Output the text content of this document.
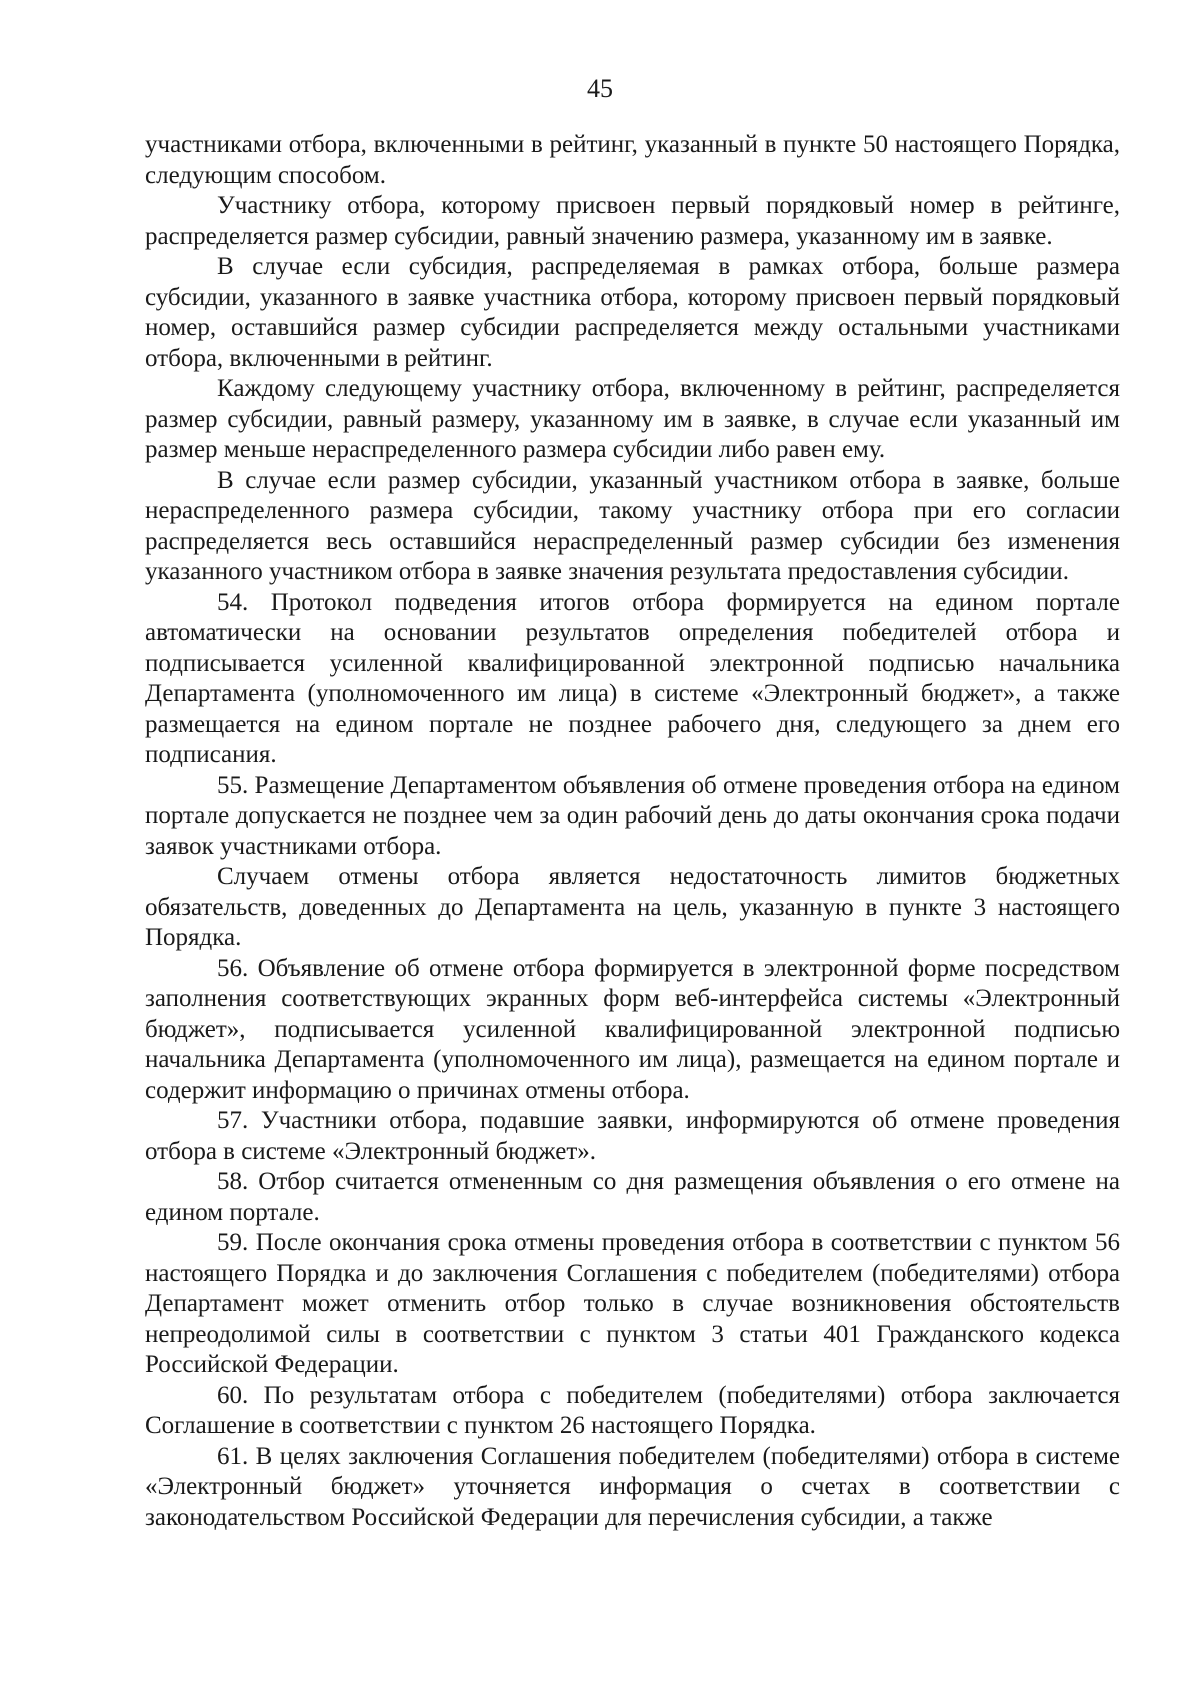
45

участниками отбора, включенными в рейтинг, указанный в пункте 50 настоящего Порядка, следующим способом.

Участнику отбора, которому присвоен первый порядковый номер в рейтинге, распределяется размер субсидии, равный значению размера, указанному им в заявке.

В случае если субсидия, распределяемая в рамках отбора, больше размера субсидии, указанного в заявке участника отбора, которому присвоен первый порядковый номер, оставшийся размер субсидии распределяется между остальными участниками отбора, включенными в рейтинг.

Каждому следующему участнику отбора, включенному в рейтинг, распределяется размер субсидии, равный размеру, указанному им в заявке, в случае если указанный им размер меньше нераспределенного размера субсидии либо равен ему.

В случае если размер субсидии, указанный участником отбора в заявке, больше нераспределенного размера субсидии, такому участнику отбора при его согласии распределяется весь оставшийся нераспределенный размер субсидии без изменения указанного участником отбора в заявке значения результата предоставления субсидии.

54. Протокол подведения итогов отбора формируется на едином портале автоматически на основании результатов определения победителей отбора и подписывается усиленной квалифицированной электронной подписью начальника Департамента (уполномоченного им лица) в системе «Электронный бюджет», а также размещается на едином портале не позднее рабочего дня, следующего за днем его подписания.

55. Размещение Департаментом объявления об отмене проведения отбора на едином портале допускается не позднее чем за один рабочий день до даты окончания срока подачи заявок участниками отбора.

Случаем отмены отбора является недостаточность лимитов бюджетных обязательств, доведенных до Департамента на цель, указанную в пункте 3 настоящего Порядка.

56. Объявление об отмене отбора формируется в электронной форме посредством заполнения соответствующих экранных форм веб-интерфейса системы «Электронный бюджет», подписывается усиленной квалифицированной электронной подписью начальника Департамента (уполномоченного им лица), размещается на едином портале и содержит информацию о причинах отмены отбора.

57. Участники отбора, подавшие заявки, информируются об отмене проведения отбора в системе «Электронный бюджет».

58. Отбор считается отмененным со дня размещения объявления о его отмене на едином портале.

59. После окончания срока отмены проведения отбора в соответствии с пунктом 56 настоящего Порядка и до заключения Соглашения с победителем (победителями) отбора Департамент может отменить отбор только в случае возникновения обстоятельств непреодолимой силы в соответствии с пунктом 3 статьи 401 Гражданского кодекса Российской Федерации.

60. По результатам отбора с победителем (победителями) отбора заключается Соглашение в соответствии с пунктом 26 настоящего Порядка.

61. В целях заключения Соглашения победителем (победителями) отбора в системе «Электронный бюджет» уточняется информация о счетах в соответствии с законодательством Российской Федерации для перечисления субсидии, а также
